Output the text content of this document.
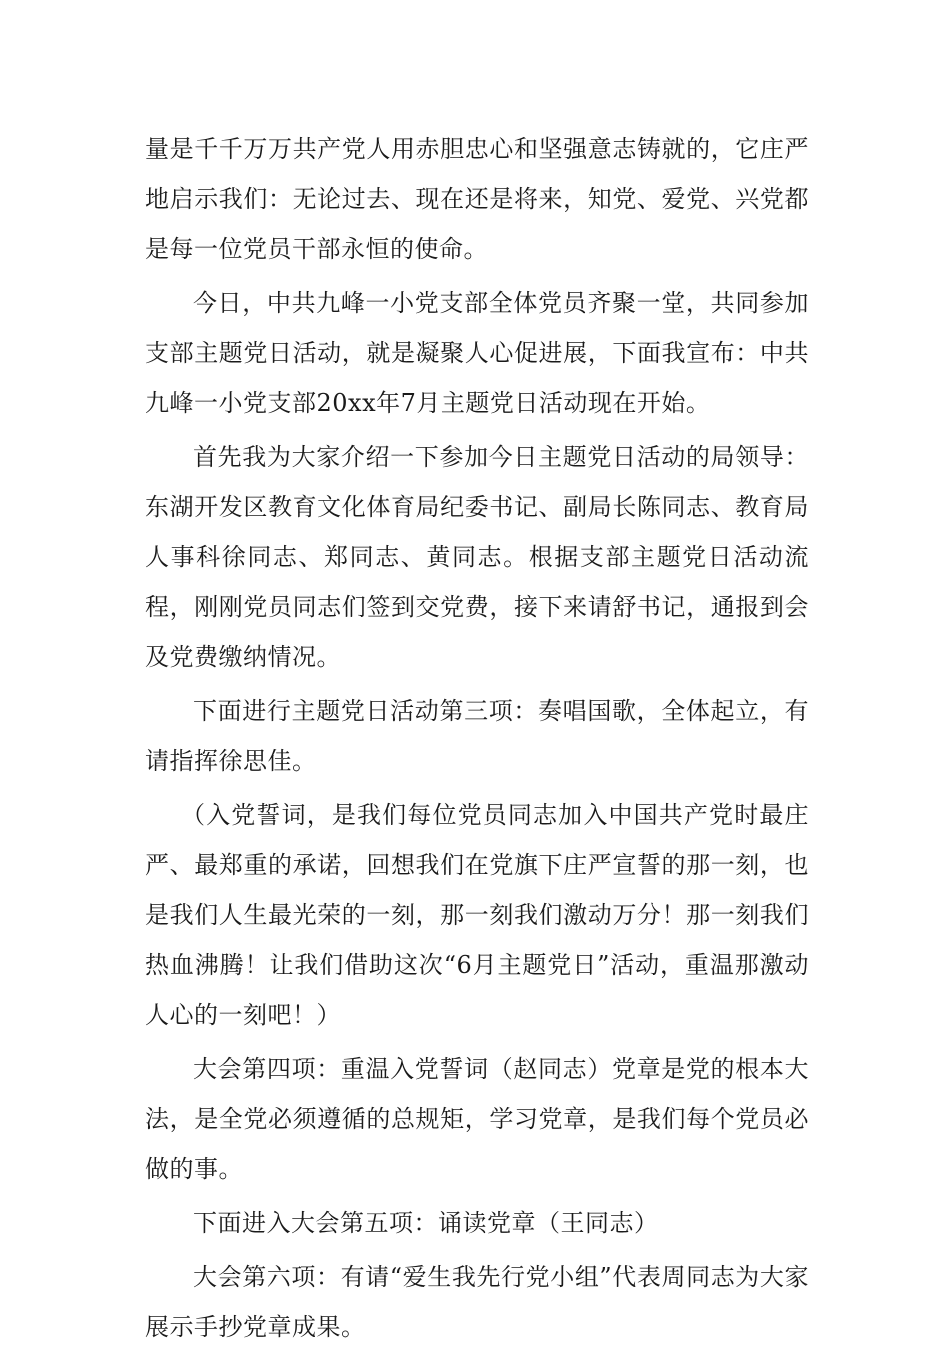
量是千千万万共产党人用赤胆忠心和坚强意志铸就的，它庄严地启示我们：无论过去、现在还是将来，知党、爱党、兴党都是每一位党员干部永恒的使命。

今日，中共九峰一小党支部全体党员齐聚一堂，共同参加支部主题党日活动，就是凝聚人心促进展，下面我宣布：中共九峰一小党支部20xx年7月主题党日活动现在开始。

首先我为大家介绍一下参加今日主题党日活动的局领导：东湖开发区教育文化体育局纪委书记、副局长陈同志、教育局人事科徐同志、郑同志、黄同志。根据支部主题党日活动流程，刚刚党员同志们签到交党费，接下来请舒书记，通报到会及党费缴纳情况。

下面进行主题党日活动第三项：奏唱国歌，全体起立，有请指挥徐思佳。

（入党誓词，是我们每位党员同志加入中国共产党时最庄严、最郑重的承诺，回想我们在党旗下庄严宣誓的那一刻，也是我们人生最光荣的一刻，那一刻我们激动万分！那一刻我们热血沸腾！让我们借助这次“6月主题党日”活动，重温那激动人心的一刻吧！）

大会第四项：重温入党誓词（赵同志）党章是党的根本大法，是全党必须遵循的总规矩，学习党章，是我们每个党员必做的事。

下面进入大会第五项：诵读党章（王同志）

大会第六项：有请“爱生我先行党小组”代表周同志为大家展示手抄党章成果。
